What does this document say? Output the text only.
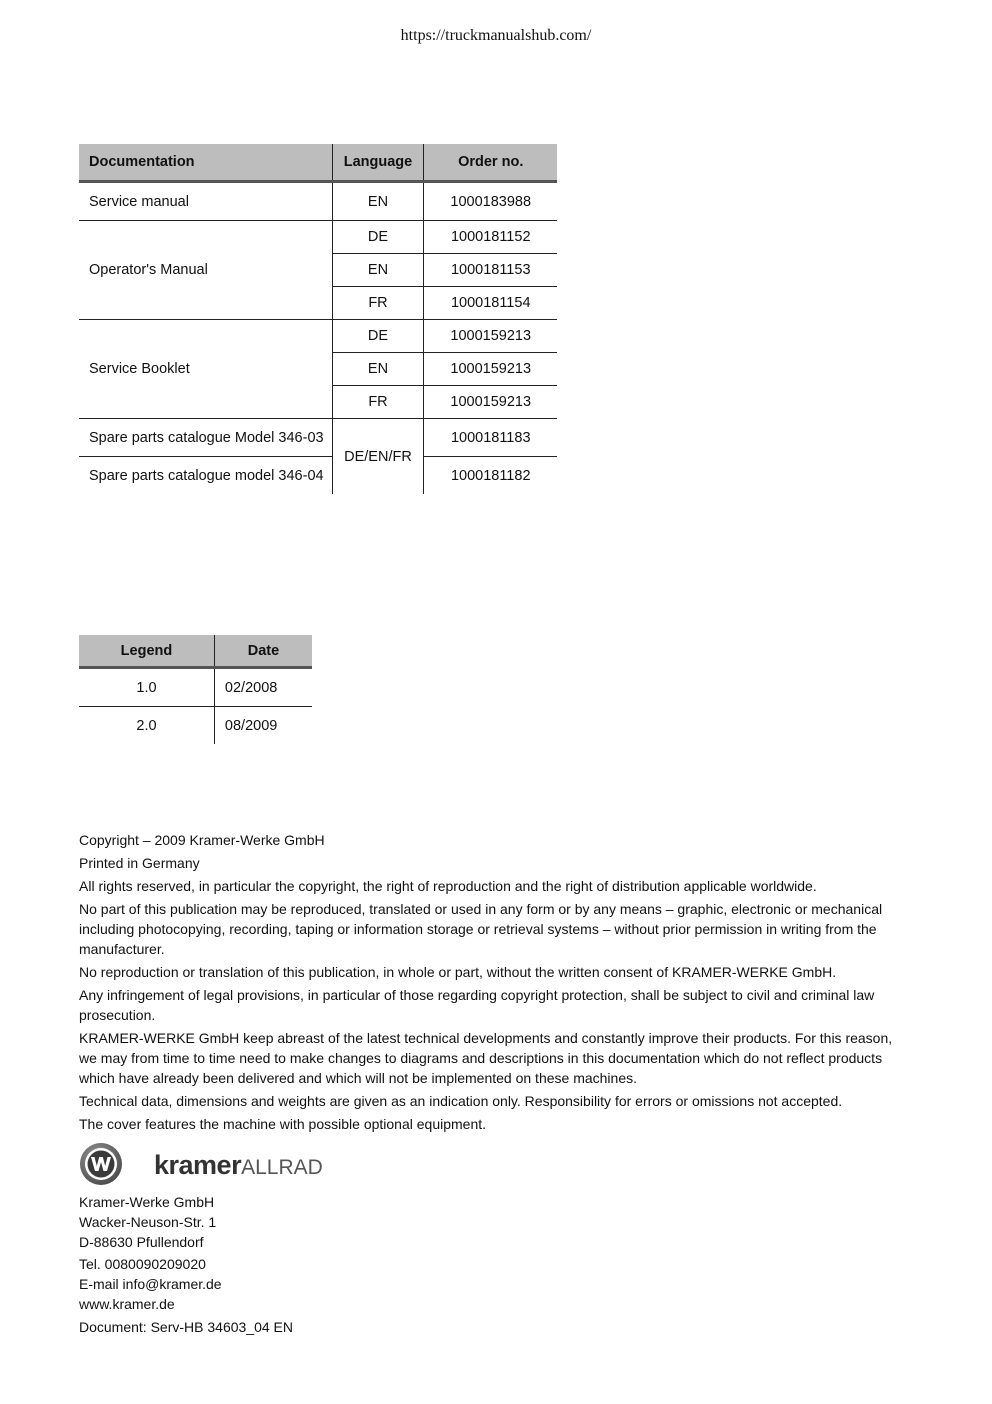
https://truckmanualshub.com/
Documentation	Language	Order no.
Service manual	EN	1000183988
Operator's Manual	DE	1000181152
	EN	1000181153
	FR	1000181154
Service Booklet	DE	1000159213
	EN	1000159213
	FR	1000159213
Spare parts catalogue Model 346-03	DE/EN/FR	1000181183
Spare parts catalogue model 346-04		1000181182
Legend	Date
1.0	02/2008
2.0	08/2009

Copyright – 2009 Kramer-Werke GmbH

Printed in Germany

All rights reserved, in particular the copyright, the right of reproduction and the right of distribution applicable worldwide.

No part of this publication may be reproduced, translated or used in any form or by any means – graphic, electronic or mechanical including photocopying, recording, taping or information storage or retrieval systems – without prior permission in writing from the manufacturer.

No reproduction or translation of this publication, in whole or part, without the written consent of KRAMER-WERKE GmbH.

Any infringement of legal provisions, in particular of those regarding copyright protection, shall be subject to civil and criminal law prosecution.

KRAMER-WERKE GmbH keep abreast of the latest technical developments and constantly improve their products. For this reason, we may from time to time need to make changes to diagrams and descriptions in this documentation which do not reflect products which have already been delivered and which will not be implemented on these machines.

Technical data, dimensions and weights are given as an indication only. Responsibility for errors or omissions not accepted.

The cover features the machine with possible optional equipment.

kramerALLRAD
Kramer-Werke GmbH
Wacker-Neuson-Str. 1
D-88630 Pfullendorf
Tel. 0080090209020
E-mail info@kramer.de
www.kramer.de
Document: Serv-HB 34603_04 EN
